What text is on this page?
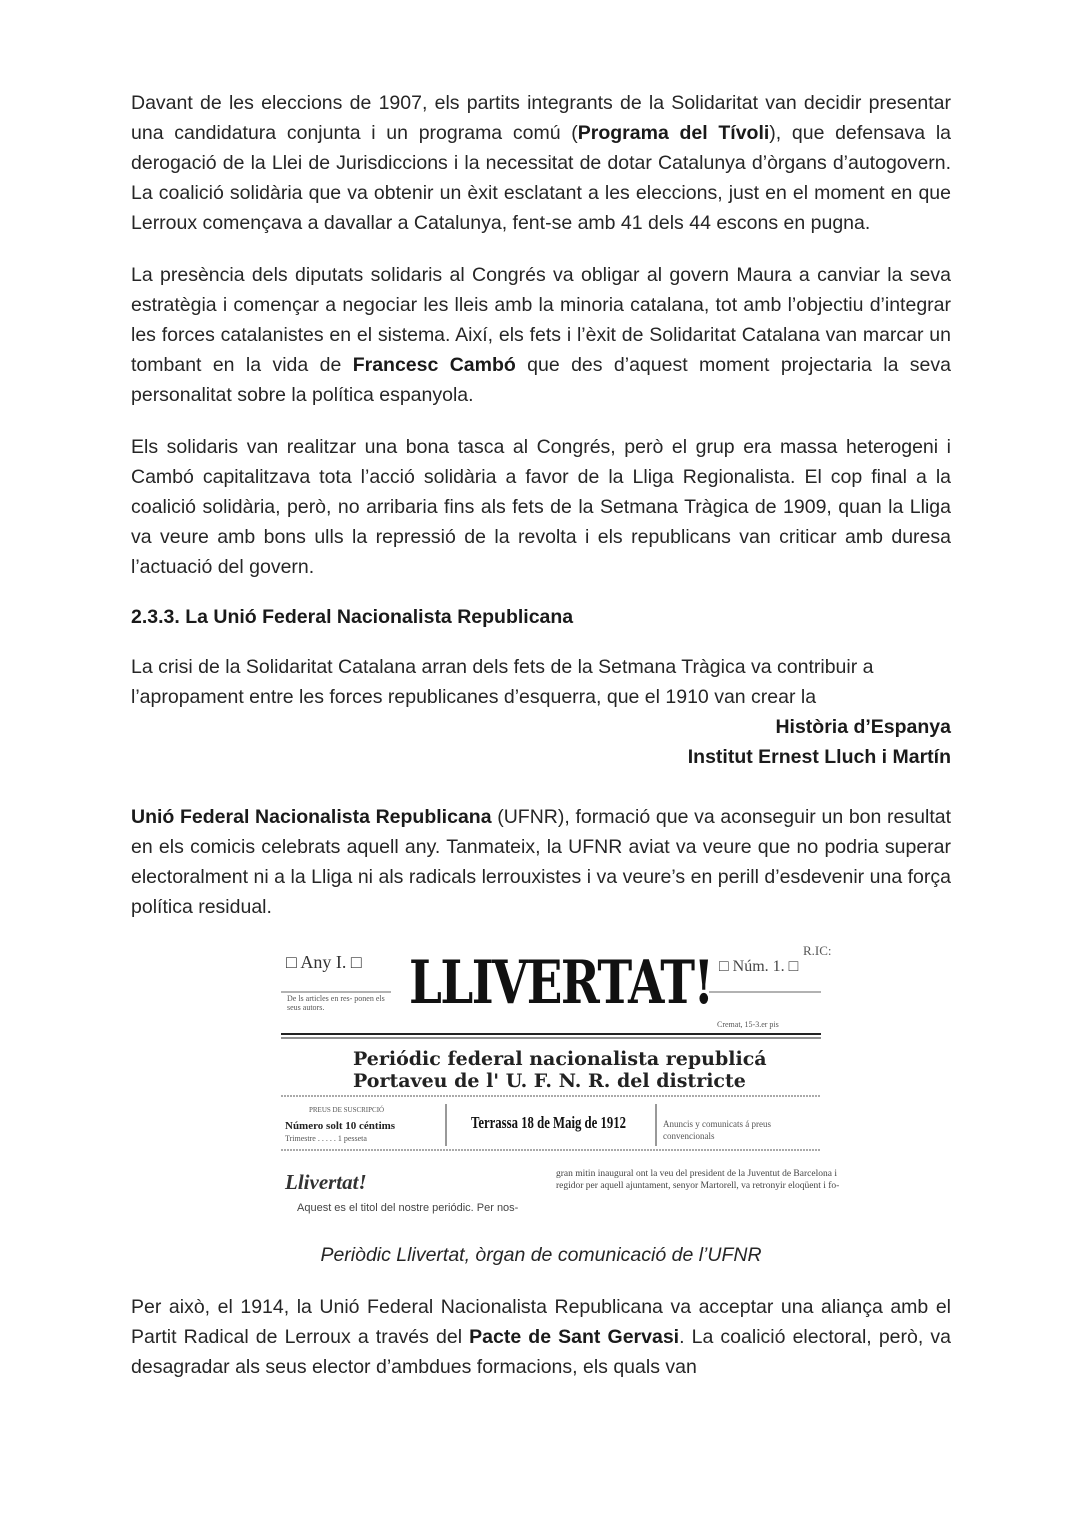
Davant de les eleccions de 1907, els partits integrants de la Solidaritat van decidir presentar una candidatura conjunta i un programa comú (Programa del Tívoli), que defensava la derogació de la Llei de Jurisdiccions i la necessitat de dotar Catalunya d’òrgans d’autogovern. La coalició solidària que va obtenir un èxit esclatant a les eleccions, just en el moment en que Lerroux començava a davallar a Catalunya, fent-se amb 41 dels 44 escons en pugna.

La presència dels diputats solidaris al Congrés va obligar al govern Maura a canviar la seva estratègia i començar a negociar les lleis amb la minoria catalana, tot amb l’objectiu d’integrar les forces catalanistes en el sistema. Així, els fets i l’èxit de Solidaritat Catalana van marcar un tombant en la vida de Francesc Cambó que des d’aquest moment projectaria la seva personalitat sobre la política espanyola.

Els solidaris van realitzar una bona tasca al Congrés, però el grup era massa heterogeni i Cambó capitalitzava tota l’acció solidària a favor de la Lliga Regionalista. El cop final a la coalició solidària, però, no arribaria fins als fets de la Setmana Tràgica de 1909, quan la Lliga va veure amb bons ulls la repressió de la revolta i els republicans van criticar amb duresa l’actuació del govern.

2.3.3. La Unió Federal Nacionalista Republicana

La crisi de la Solidaritat Catalana arran dels fets de la Setmana Tràgica va contribuir a l’apropament entre les forces republicanes d’esquerra, que el 1910 van crear la

Història d’Espanya
Institut Ernest Lluch i Martín

Unió Federal Nacionalista Republicana (UFNR), formació que va aconseguir un bon resultat en els comicis celebrats aquell any. Tanmateix, la UFNR aviat va veure que no podria superar electoralment ni a la Lliga ni als radicals lerrouxistes i va veure’s en perill d’esdevenir una força política residual.

□ Any I. □
De ls articles en res- ponen els seus autors.	LLIVERTAT! □ Núm. 1. □
R.IC:
Cremat, 15-3.er pis
Periódic federal nacionalista republicá
Portaveu de l' U. F. N. R. del districte
PREUS DE SUSCRIPCIÓ
Número solt 10 céntims
Trimestre . . . . . 1 pesseta
Terrassa 18 de Maig de 1912	Anuncis y comunicats á preus convencionals
Llivertat!
Aquest es el titol del nostre periódic. Per nos-
gran mitin inaugural ont la veu del president de la Juventut de Barcelona i regidor per aquell ajuntament, senyor Martorell, va retronyir eloqüent i fo-
Periòdic Llivertat, òrgan de comunicació de l’UFNR

Per això, el 1914, la Unió Federal Nacionalista Republicana va acceptar una aliança amb el Partit Radical de Lerroux a través del Pacte de Sant Gervasi. La coalició electoral, però, va desagradar als seus elector d’ambdues formacions, els quals van
